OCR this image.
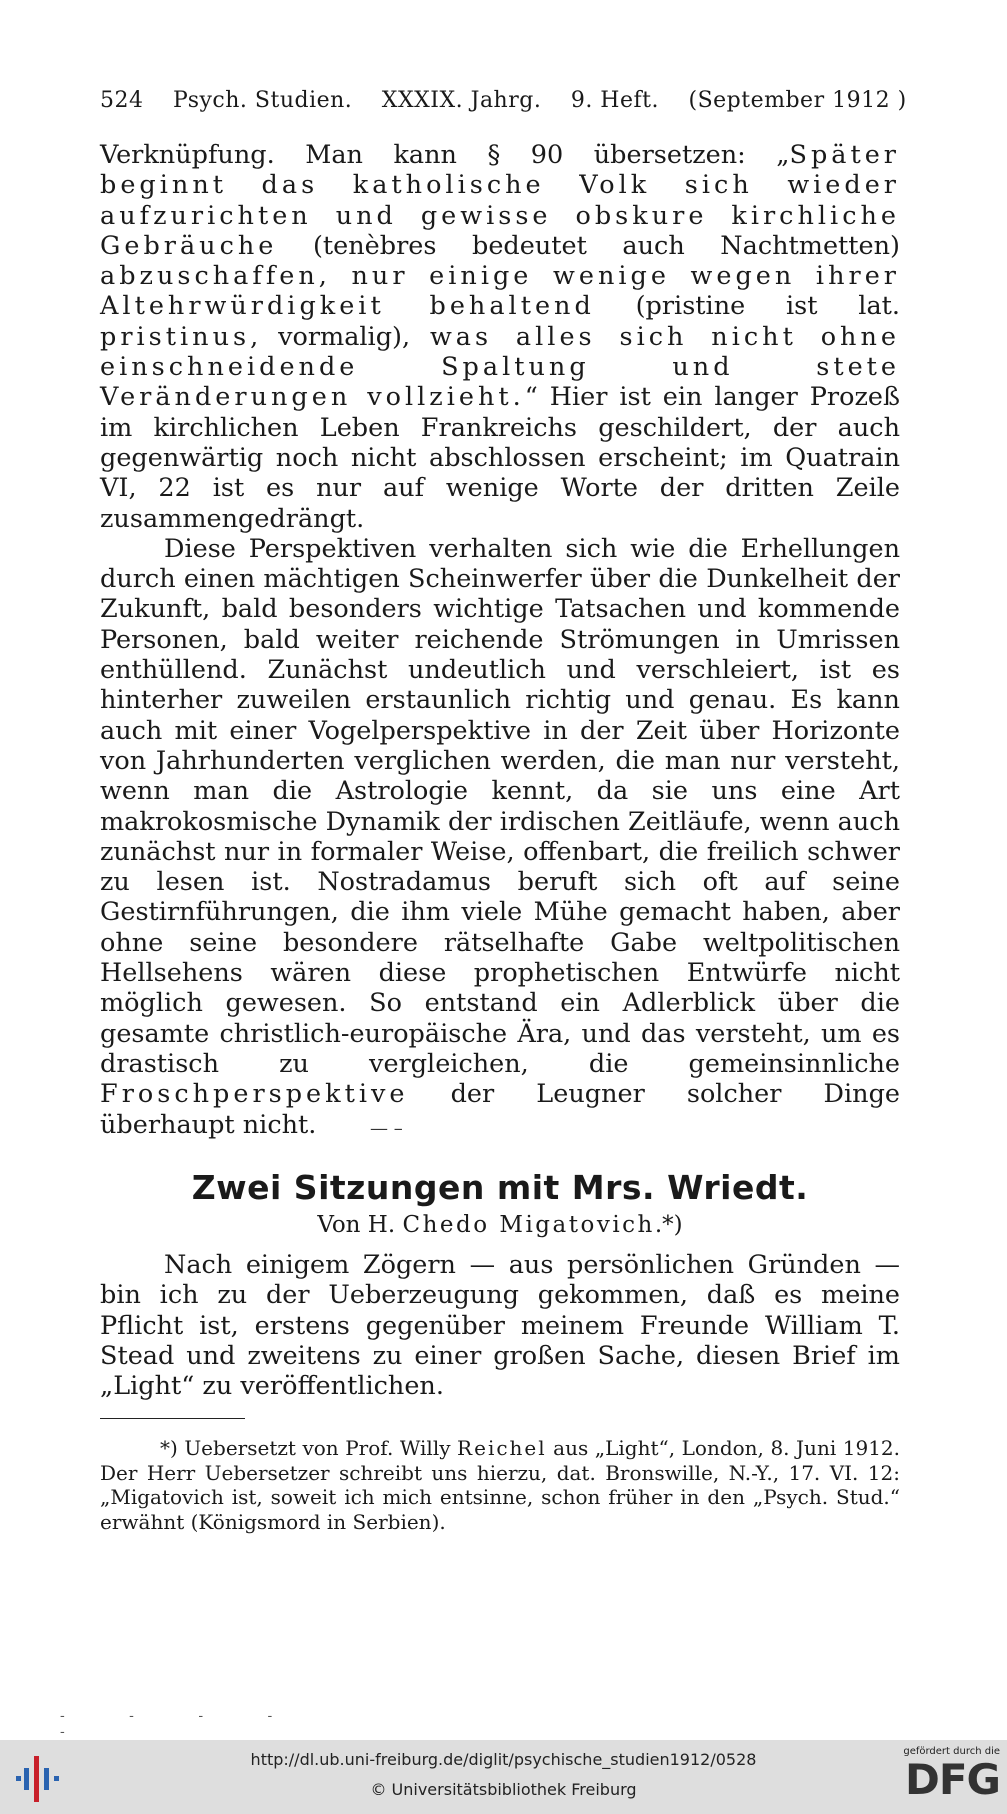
524 Psych. Studien. XXXIX. Jahrg. 9. Heft. (September 1912 )

Verknüpfung. Man kann § 90 übersetzen: „Später beginnt das katholische Volk sich wieder aufzurichten und gewisse obskure kirchliche Gebräuche (tenèbres bedeutet auch Nachtmetten) abzuschaffen, nur einige wenige wegen ihrer Altehrwürdigkeit behaltend (pristine ist lat. pristinus, vormalig), was alles sich nicht ohne einschneidende Spaltung und stete Veränderungen vollzieht.“ Hier ist ein langer Prozeß im kirchlichen Leben Frankreichs geschildert, der auch gegenwärtig noch nicht abschlossen erscheint; im Quatrain VI, 22 ist es nur auf wenige Worte der dritten Zeile zusammengedrängt.

Diese Perspektiven verhalten sich wie die Erhellungen durch einen mächtigen Scheinwerfer über die Dunkelheit der Zukunft, bald besonders wichtige Tatsachen und kommende Personen, bald weiter reichende Strömungen in Umrissen enthüllend. Zunächst undeutlich und verschleiert, ist es hinterher zuweilen erstaunlich richtig und genau. Es kann auch mit einer Vogelperspektive in der Zeit über Horizonte von Jahrhunderten verglichen werden, die man nur versteht, wenn man die Astrologie kennt, da sie uns eine Art makrokosmische Dynamik der irdischen Zeitläufe, wenn auch zunächst nur in formaler Weise, offenbart, die freilich schwer zu lesen ist. Nostradamus beruft sich oft auf seine Gestirnführungen, die ihm viele Mühe gemacht haben, aber ohne seine besondere rätselhafte Gabe weltpolitischen Hellsehens wären diese prophetischen Entwürfe nicht möglich gewesen. So entstand ein Adlerblick über die gesamte christlich-europäische Ära, und das versteht, um es drastisch zu vergleichen, die gemeinsinnliche Froschperspektive der Leugner solcher Dinge überhaupt nicht.	— –
Zwei Sitzungen mit Mrs. Wriedt.
Von H. Chedo Migatovich.*)

Nach einigem Zögern — aus persönlichen Gründen — bin ich zu der Ueberzeugung gekommen, daß es meine Pflicht ist, erstens gegenüber meinem Freunde William T. Stead und zweitens zu einer großen Sache, diesen Brief im „Light“ zu veröffentlichen.

*) Uebersetzt von Prof. Willy Reichel aus „Light“, London, 8. Juni 1912. Der Herr Uebersetzer schreibt uns hierzu, dat. Bronswille, N.-Y., 17. VI. 12: „Migatovich ist, soweit ich mich entsinne, schon früher in den „Psych. Stud.“ erwähnt (Königsmord in Serbien).

- - - - -
http://dl.ub.uni-freiburg.de/diglit/psychische_studien1912/0528
© Universitätsbibliothek Freiburg
gefördert durch die
DFG
